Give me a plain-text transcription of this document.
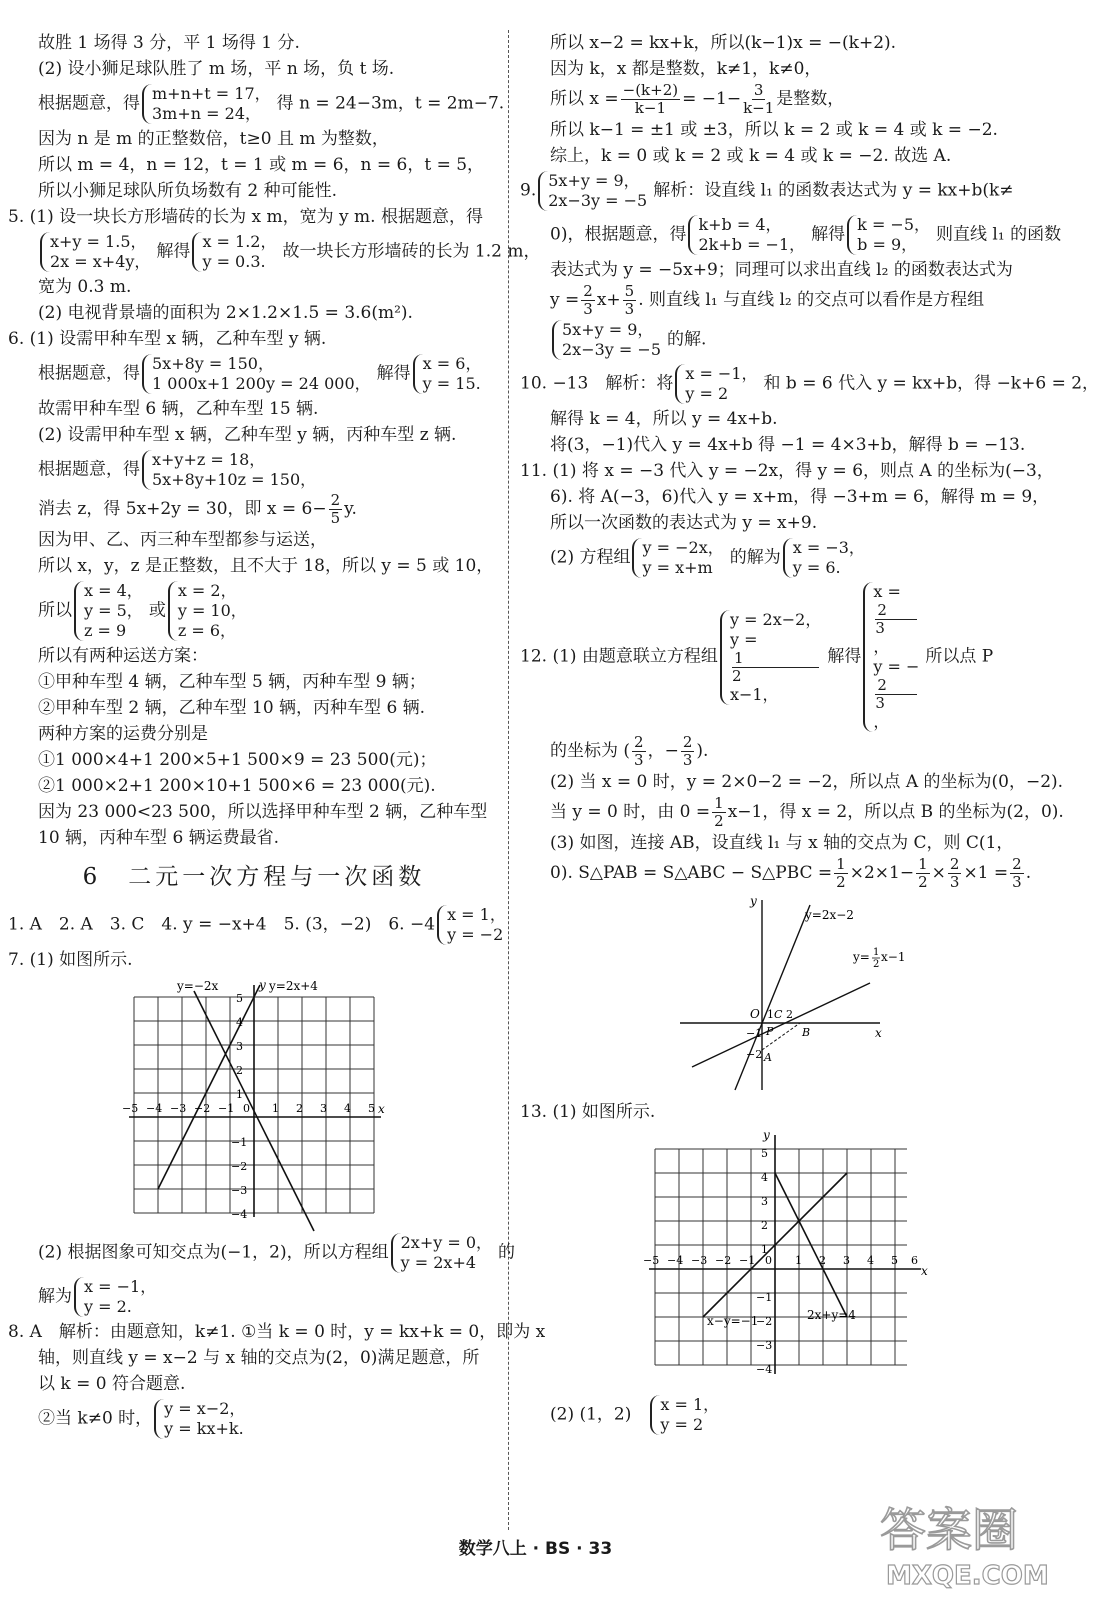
故胜 1 场得 3 分，平 1 场得 1 分.

(2) 设小狮足球队胜了 m 场，平 n 场，负 t 场.

根据题意，得 m+n+t = 17，
3m+n = 24， 得 n = 24−3m，t = 2m−7.

因为 n 是 m 的正整数倍，t≥0 且 m 为整数，

所以 m = 4，n = 12，t = 1 或 m = 6，n = 6，t = 5，

所以小狮足球队所负场数有 2 种可能性.

5. (1) 设一块长方形墙砖的长为 x m，宽为 y m. 根据题意，得

x+y = 1.5，
2x = x+4y， 解得 x = 1.2，
y = 0.3. 故一块长方形墙砖的长为 1.2 m，

宽为 0.3 m.

(2) 电视背景墙的面积为 2×1.2×1.5 = 3.6(m²).

6. (1) 设需甲种车型 x 辆，乙种车型 y 辆.

根据题意，得 5x+8y = 150，
1 000x+1 200y = 24 000， 解得 x = 6，
y = 15.

故需甲种车型 6 辆，乙种车型 15 辆.

(2) 设需甲种车型 x 辆，乙种车型 y 辆，丙种车型 z 辆.

根据题意，得 x+y+z = 18，
5x+8y+10z = 150，

消去 z，得 5x+2y = 30，即 $x = 6- \frac{2}{5} y$.

因为甲、乙、丙三种车型都参与运送，

所以 x，y，z 是正整数，且不大于 18，所以 y = 5 或 10，

所以
x = 4，
y = 5，
z = 9
或
x = 2，
y = 10，
z = 6，

所以有两种运送方案：

①甲种车型 4 辆，乙种车型 5 辆，丙种车型 9 辆；

②甲种车型 2 辆，乙种车型 10 辆，丙种车型 6 辆.

两种方案的运费分别是

①1 000×4+1 200×5+1 500×9 = 23 500(元)；

②1 000×2+1 200×10+1 500×6 = 23 000(元).

因为 23 000<23 500，所以选择甲种车型 2 辆，乙种车型

10 辆，丙种车型 6 辆运费最省.

6　二元一次方程与一次函数

1. A　2. A　3. C　4. y = −x+4　5. (3，−2)　6. −4 x = 1，
y = −2

7. (1) 如图所示.

y=−2x	y=2x+4
y
x
5
4
3
2
1
−1
−2
−3
−4
−5 −4 −3 −2 −1 0 1 2 3 4 5

(2) 根据图象可知交点为(−1，2)，所以方程组 2x+y = 0，
y = 2x+4	的

解为 x = −1，
y = 2.

8. A　解析：由题意知，k≠1. ①当 k = 0 时，y = kx+k = 0，即为 x

轴，则直线 y = x−2 与 x 轴的交点为(2，0)满足题意，所

以 k = 0 符合题意.

②当 k≠0 时， y = x−2，
y = kx+k.

所以 x−2 = kx+k，所以(k−1)x = −(k+2).

因为 k，x 都是整数，k≠1，k≠0，

所以 $x = \frac{-(k+2)}{k-1} = -1- \frac{3}{k-1}$ 是整数，

所以 k−1 = ±1 或 ±3，所以 k = 2 或 k = 4 或 k = −2.

综上，k = 0 或 k = 2 或 k = 4 或 k = −2. 故选 A.

9. 5x+y = 9，
2x−3y = −5 解析：设直线 l₁ 的函数表达式为 y = kx+b(k≠

0)，根据题意，得 k+b = 4，
2k+b = −1， 解得 k = −5，
b = 9，	则直线 l₁ 的函数

表达式为 y = −5x+9；同理可以求出直线 l₂ 的函数表达式为

$y = \frac{2}{3} x+ \frac{5}{3}$ . 则直线 l₁ 与直线 l₂ 的交点可以看作是方程组

5x+y = 9，
2x−3y = −5 的解.

10. −13　解析：将 x = −1，
y = 2	和 b = 6 代入 y = kx+b，得 −k+6 = 2，

解得 k = 4，所以 y = 4x+b.

将(3，−1)代入 y = 4x+b 得 −1 = 4×3+b，解得 b = −13.

11. (1) 将 x = −3 代入 y = −2x，得 y = 6，则点 A 的坐标为(−3，

6). 将 A(−3，6)代入 y = x+m，得 −3+m = 6，解得 m = 9，

所以一次函数的表达式为 y = x+9.

(2) 方程组 y = −2x，
y = x+m	的解为 x = −3，
y = 6.

12. (1) 由题意联立方程组
y = 2x−2，
y =
1
2
x−1，
解得
x =
2
3
，
y = −
2
3
，
所以点 P

的坐标为 ( $\frac{2}{3}$ ，− $\frac{2}{3}$ ).

(2) 当 x = 0 时，y = 2×0−2 = −2，所以点 A 的坐标为(0，−2).

当 y = 0 时，由 $0 = \frac{1}{2} x-1$，得 x = 2，所以点 B 的坐标为(2，0).

(3) 如图，连接 AB，设直线 l₁ 与 x 轴的交点为 C，则 C(1，

0). S△PAB = S△ABC − S△PBC = $\frac{1}{2} \times 2\times 1- \frac{1}{2} \times \frac{2}{3} \times 1 = \frac{2}{3}$ .

y=2x−2
y= 1
2
x−1
y
x
O 1 C 2
−1 P	B
−2 A

13. (1) 如图所示.

y
x
x−y=−1	2x+y=4
5
4
3
2
1
−1
−2
−3
−4
−5 −4 −3 −2 −1 0 1 2 3 4 5 6

(2) (1，2)　 x = 1，
y = 2

数学八上 · BS · 33	答案圈
MXQE.COM
